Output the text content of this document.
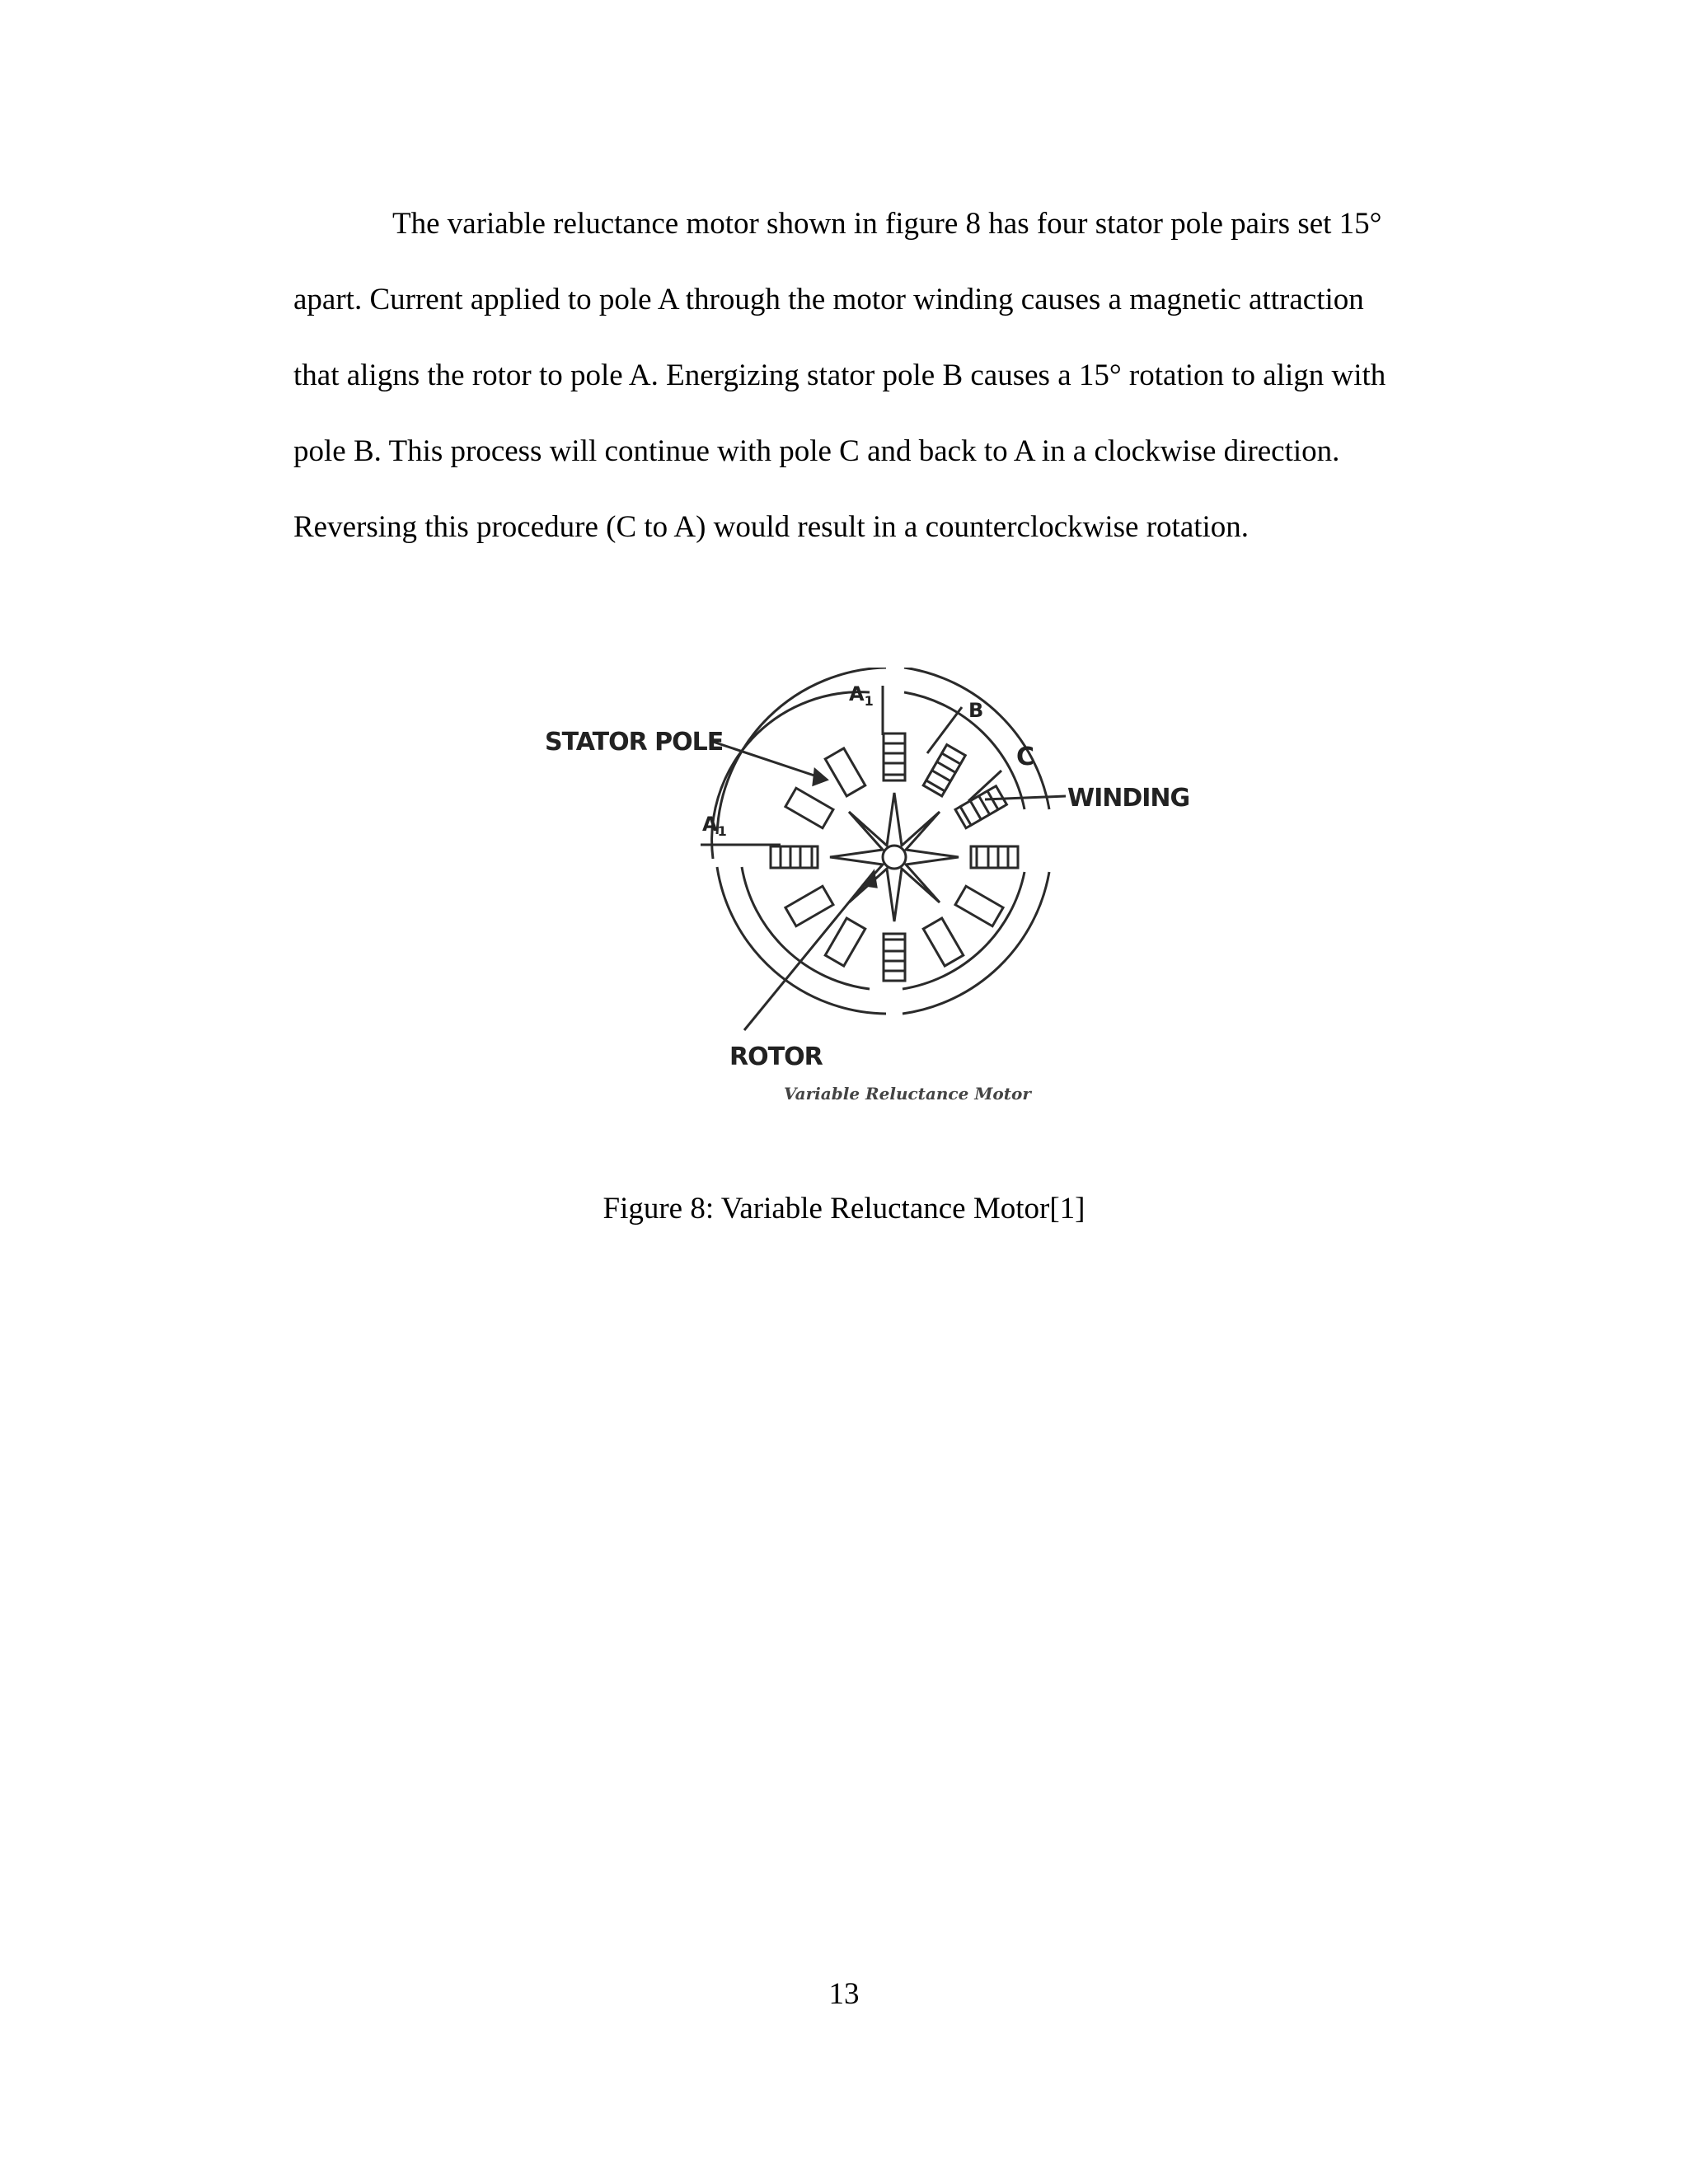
The variable reluctance motor shown in figure 8 has four stator pole pairs set 15°
apart. Current applied to pole A through the motor winding causes a magnetic attraction
that aligns the rotor to pole A. Energizing stator pole B causes a 15° rotation to align with
pole B. This process will continue with pole C and back to A in a clockwise direction.
Reversing this procedure (C to A) would result in a counterclockwise rotation.

STATOR POLE
$A_1$	B
C
WINDING
$A_1$
ROTOR
Variable Reluctance Motor

Figure 8: Variable Reluctance Motor[1]

13
